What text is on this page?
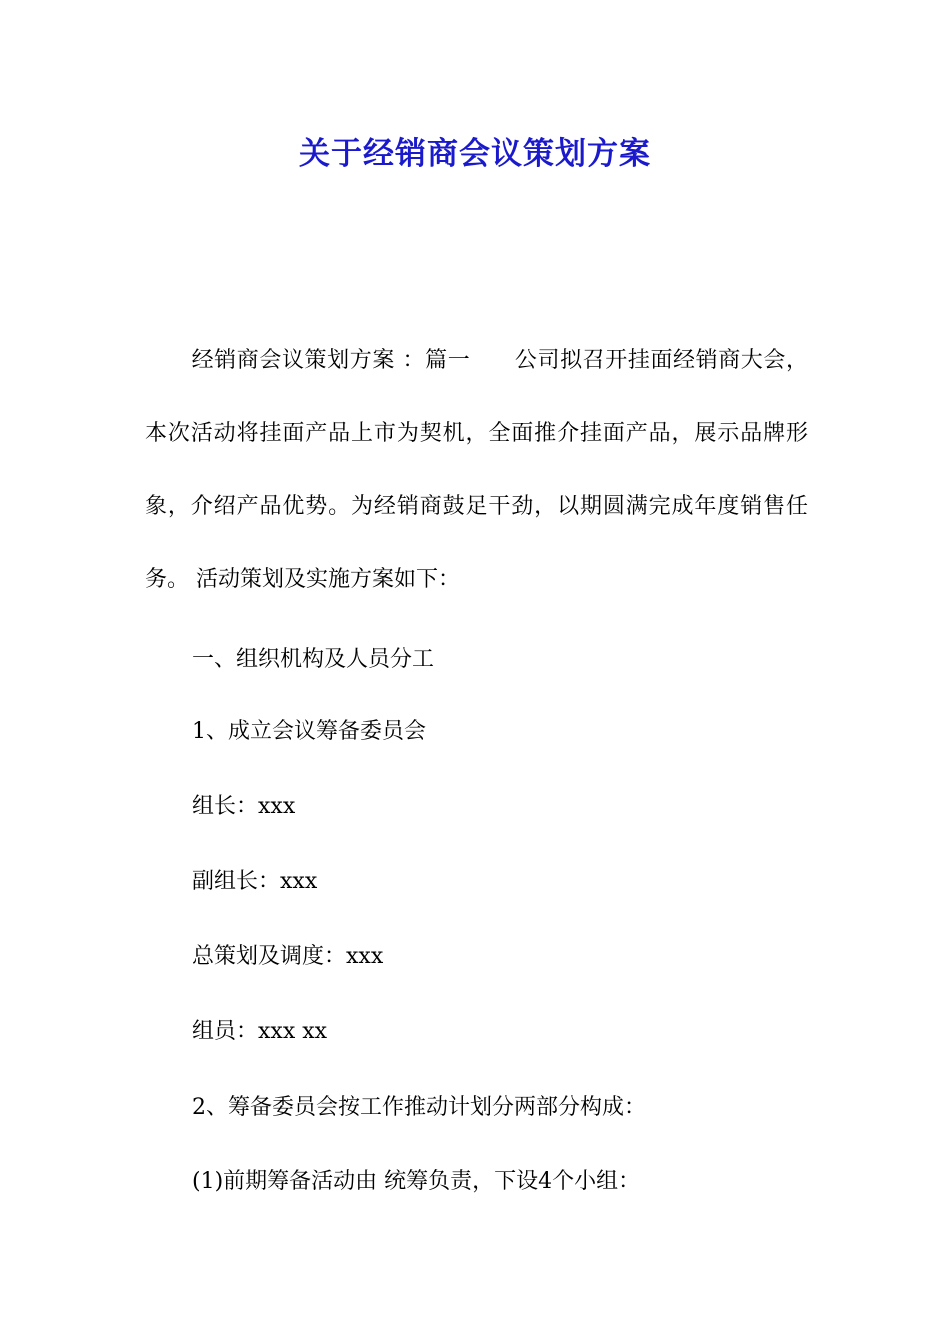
关于经销商会议策划方案

经销商会议策划方案 ：篇一 公司拟召开挂面经销商大会，本次活动将挂面产品上市为契机，全面推介挂面产品，展示品牌形象，介绍产品优势。为经销商鼓足干劲，以期圆满完成年度销售任务。 活动策划及实施方案如下：

一、组织机构及人员分工
1、成立会议筹备委员会
组长：xxx
副组长：xxx
总策划及调度：xxx
组员：xxx xx
2、筹备委员会按工作推动计划分两部分构成：
(1)前期筹备活动由 统筹负责，下设4个小组：
